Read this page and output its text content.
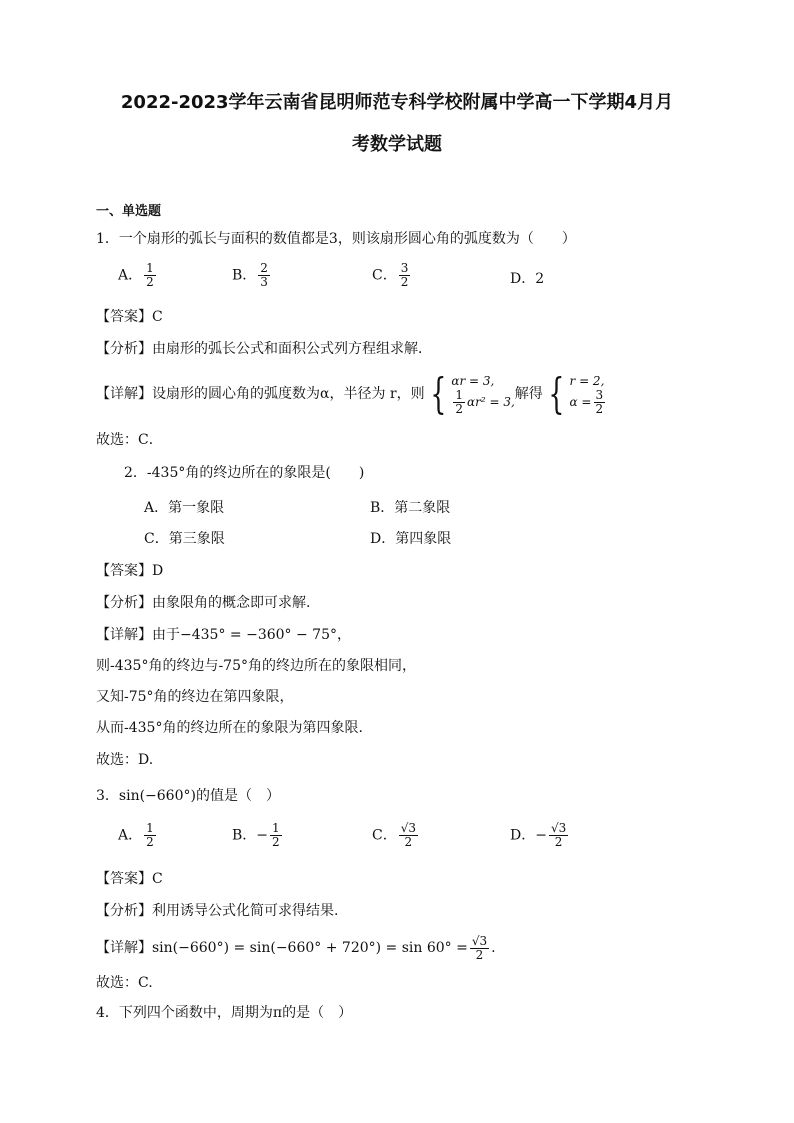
2022-2023学年云南省昆明师范专科学校附属中学高一下学期4月月
考数学试题
一、单选题
1．一个扇形的弧长与面积的数值都是3，则该扇形圆心角的弧度数为（　　）
A． $\frac{1}{2}$	B． $\frac{2}{3}$	C． $\frac{3}{2}$	D．2
【答案】C
【分析】由扇形的弧长公式和面积公式列方程组求解．
【详解】设扇形的圆心角的弧度数为α，半径为 r，则 { αr = 3,
$\frac{1}{2} \alpha r^2 = 3$, 解得 { r = 2,
$\alpha = \frac{3}{2}$
故选：C．
2．-435°角的终边所在的象限是(　　)
A．第一象限	B．第二象限
C．第三象限	D．第四象限
【答案】D
【分析】由象限角的概念即可求解.
【详解】由于−435° = −360° − 75°，
则-435°角的终边与-75°角的终边所在的象限相同，
又知-75°角的终边在第四象限，
从而-435°角的终边所在的象限为第四象限.
故选：D.
3．sin(−660°)的值是（　）
A． $\frac{1}{2}$	B．− $\frac{1}{2}$	C． $\frac{√3}{2}$	D．− $\frac{√3}{2}$
【答案】C
【分析】利用诱导公式化简可求得结果.
【详解】$\sin(-660^\circ) = \sin(-660^\circ + 720^\circ) = \sin 60^\circ = \frac{√3}{2}$ .
故选：C.
4．下列四个函数中，周期为π的是（　）
